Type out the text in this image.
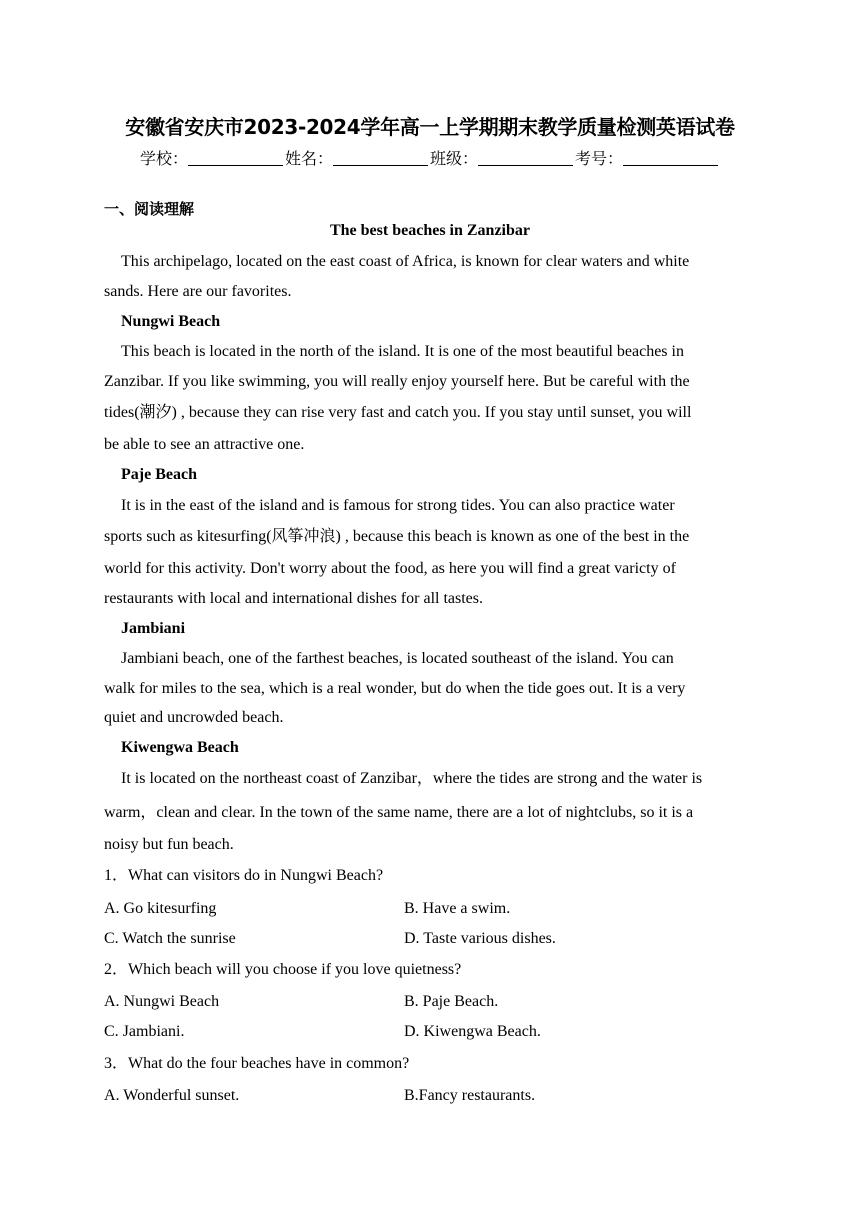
安徽省安庆市2023-2024学年高一上学期期末教学质量检测英语试卷
学校：	姓名：	班级：	考号：
一、阅读理解
The best beaches in Zanzibar
This archipelago, located on the east coast of Africa, is known for clear waters and white
sands. Here are our favorites.
Nungwi Beach
This beach is located in the north of the island. It is one of the most beautiful beaches in
Zanzibar. If you like swimming, you will really enjoy yourself here. But be careful with the
tides(潮汐) , because they can rise very fast and catch you. If you stay until sunset, you will
be able to see an attractive one.
Paje Beach
It is in the east of the island and is famous for strong tides. You can also practice water
sports such as kitesurfing(风筝冲浪) , because this beach is known as one of the best in the
world for this activity. Don't worry about the food, as here you will find a great varicty of
restaurants with local and international dishes for all tastes.
Jambiani
Jambiani beach, one of the farthest beaches, is located southeast of the island. You can
walk for miles to the sea, which is a real wonder, but do when the tide goes out. It is a very
quiet and uncrowded beach.
Kiwengwa Beach
It is located on the northeast coast of Zanzibar，where the tides are strong and the water is
warm，clean and clear. In the town of the same name, there are a lot of nightclubs, so it is a
noisy but fun beach.
1．What can visitors do in Nungwi Beach?
A. Go kitesurfing	B. Have a swim.
C. Watch the sunrise	D. Taste various dishes.
2．Which beach will you choose if you love quietness?
A. Nungwi Beach	B. Paje Beach.
C. Jambiani.	D. Kiwengwa Beach.
3．What do the four beaches have in common?
A. Wonderful sunset.	B.Fancy restaurants.
